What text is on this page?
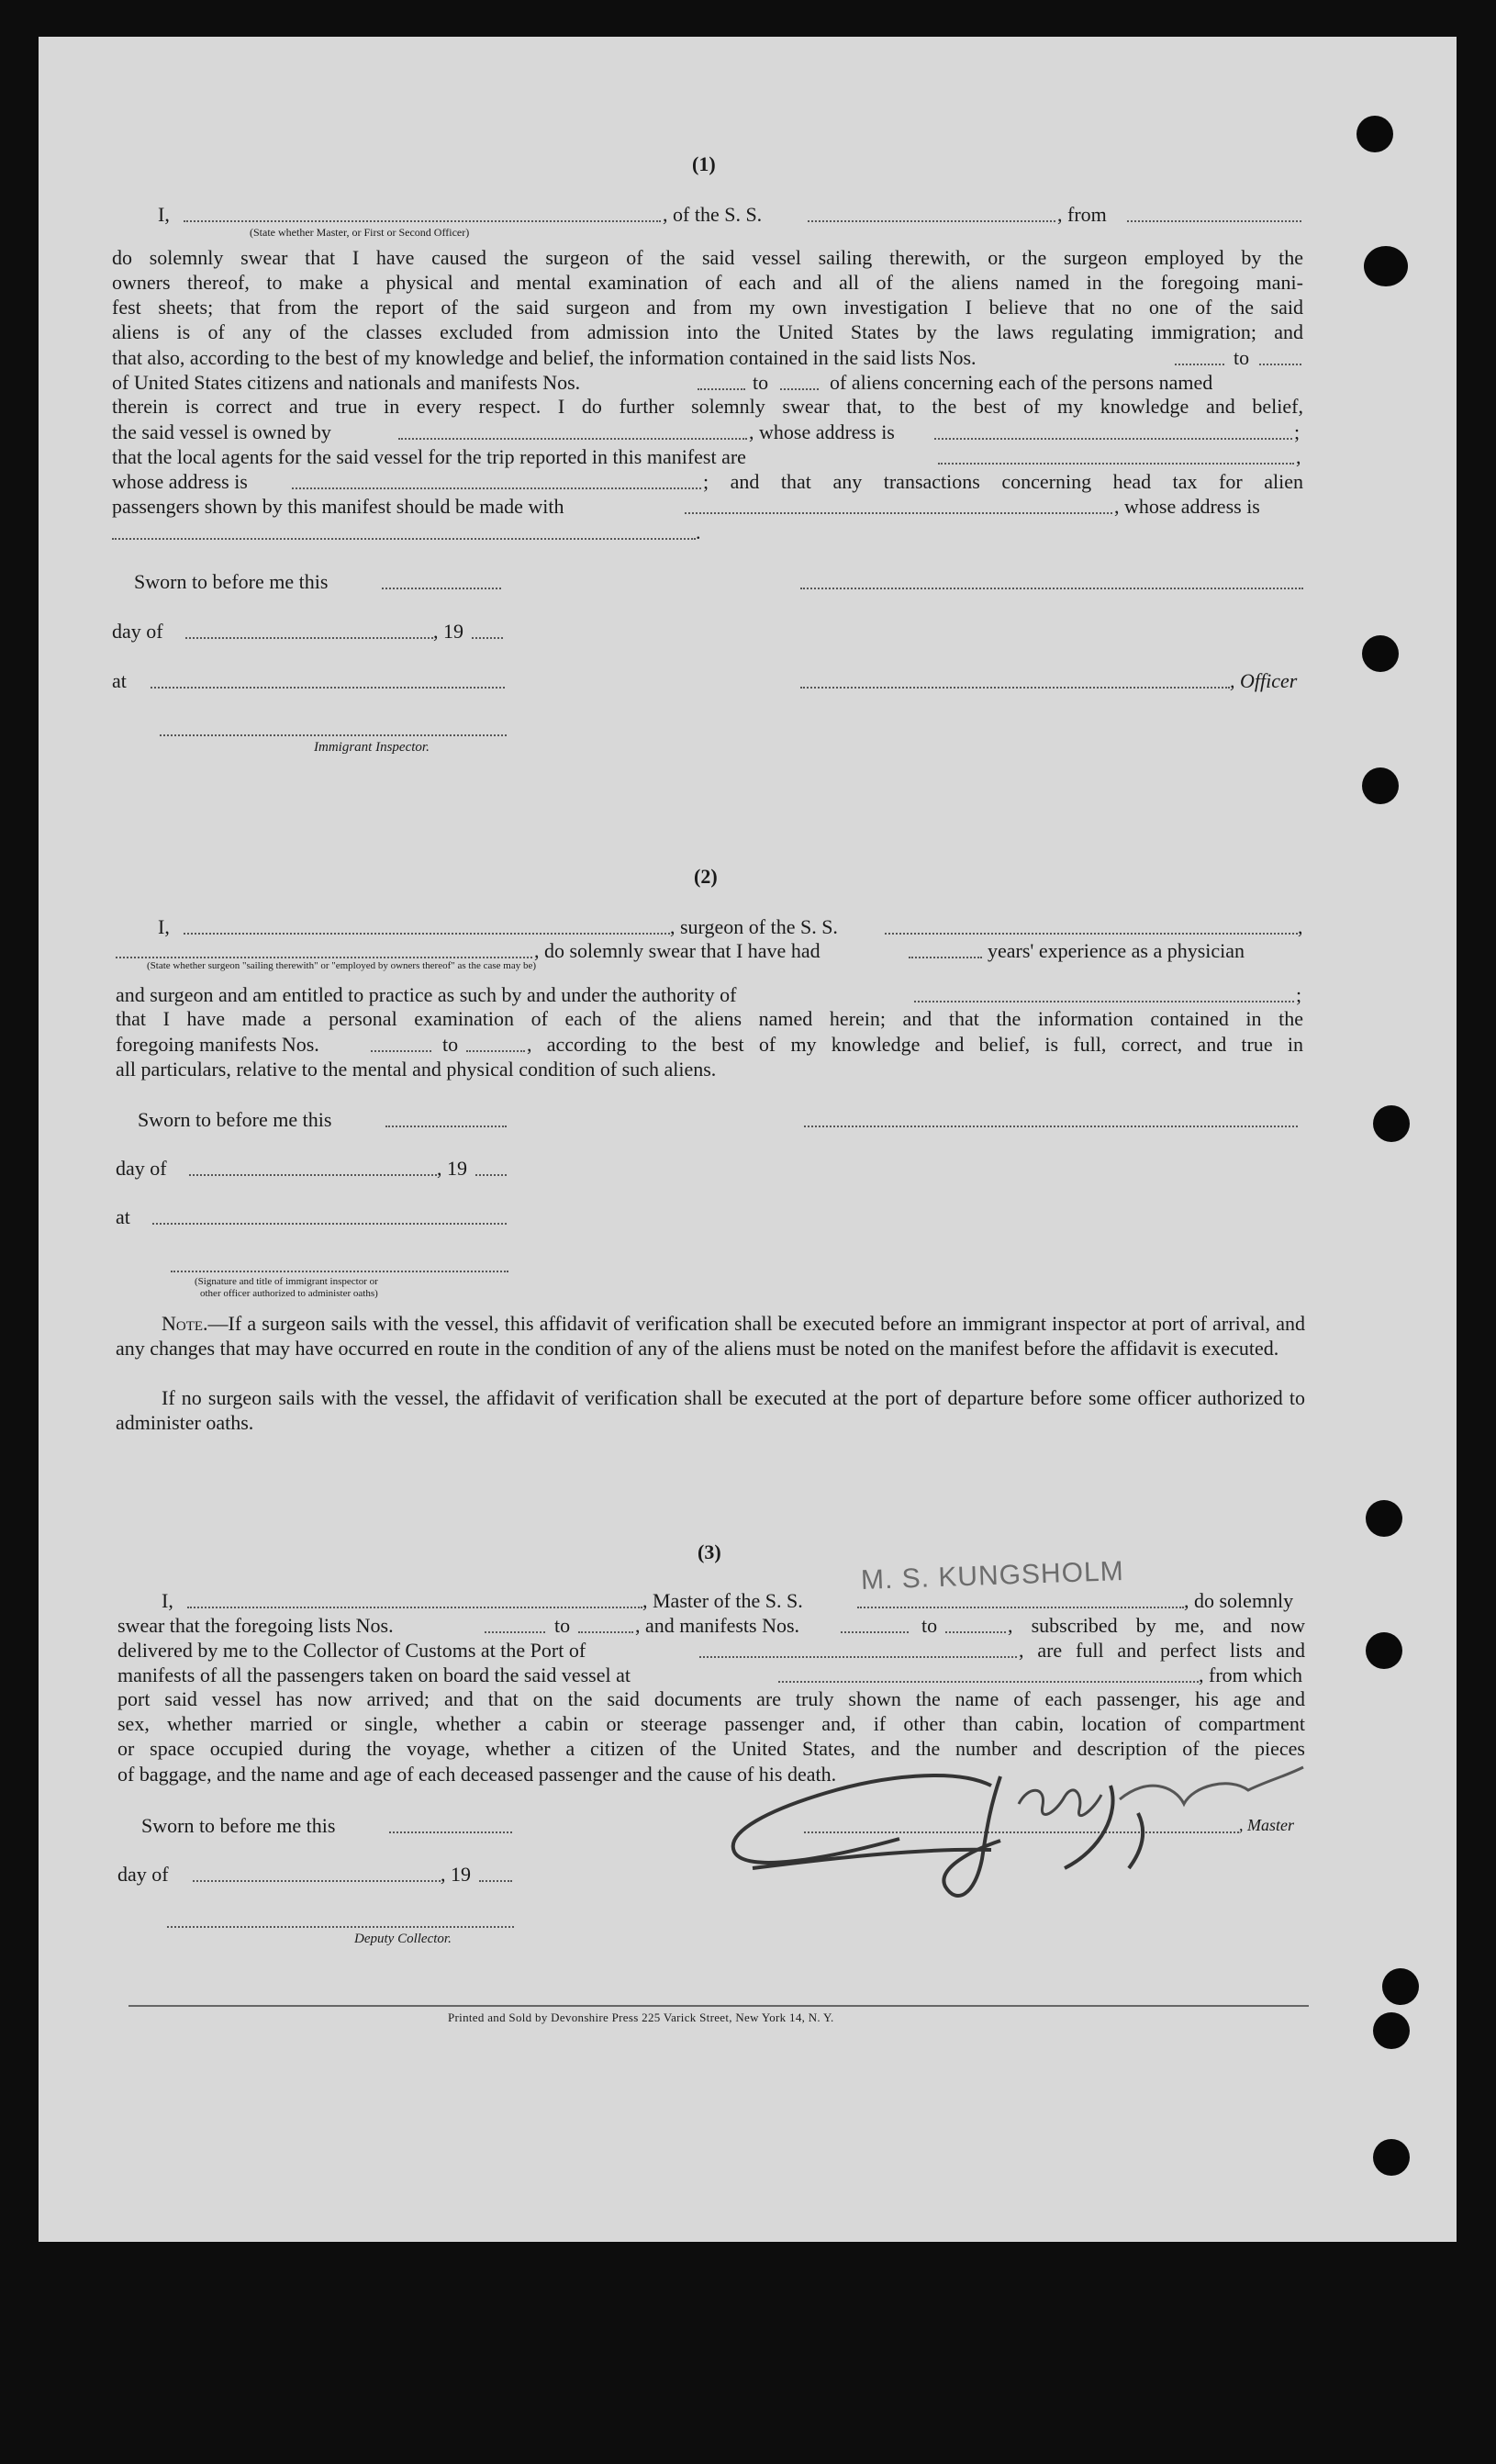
(1)
I,	, of the S. S.	, from
(State whether Master, or First or Second Officer)
do solemnly swear that I have caused the surgeon of the said vessel sailing therewith, or the surgeon employed by the
owners thereof, to make a physical and mental examination of each and all of the aliens named in the foregoing mani-
fest sheets; that from the report of the said surgeon and from my own investigation I believe that no one of the said
aliens is of any of the classes excluded from admission into the United States by the laws regulating immigration; and
that also, according to the best of my knowledge and belief, the information contained in the said lists Nos.	to
of United States citizens and nationals and manifests Nos.	to	of aliens concerning each of the persons named
therein is correct and true in every respect. I do further solemnly swear that, to the best of my knowledge and belief,
the said vessel is owned by	, whose address is	;
that the local agents for the said vessel for the trip reported in this manifest are	,
whose address is	; and that any transactions concerning head tax for alien
passengers shown by this manifest should be made with	, whose address is
.
Sworn to before me this
day of	, 19
at	, Officer
Immigrant Inspector.
(2)
I,	, surgeon of the S. S.	,
, do solemnly swear that I have had	years' experience as a physician
(State whether surgeon "sailing therewith" or "employed by owners thereof" as the case may be)
and surgeon and am entitled to practice as such by and under the authority of	;
that I have made a personal examination of each of the aliens named herein; and that the information contained in the
foregoing manifests Nos.	to	, according to the best of my knowledge and belief, is full, correct, and true in
all particulars, relative to the mental and physical condition of such aliens.
Sworn to before me this
day of	, 19
at
(Signature and title of immigrant inspector or
other officer authorized to administer oaths)
Note.—If a surgeon sails with the vessel, this affidavit of verification shall be executed before an immigrant inspector at port of arrival, and any changes that may have occurred en route in the condition of any of the aliens must be noted on the manifest before the affidavit is executed.
If no surgeon sails with the vessel, the affidavit of verification shall be executed at the port of departure before some officer authorized to administer oaths.
(3)
I,	, Master of the S. S.
M. S. KUNGSHOLM
, do solemnly
swear that the foregoing lists Nos.	to	, and manifests Nos.	to	, subscribed by me, and now
delivered by me to the Collector of Customs at the Port of	, are full and perfect lists and
manifests of all the passengers taken on board the said vessel at	, from which
port said vessel has now arrived; and that on the said documents are truly shown the name of each passenger, his age and
sex, whether married or single, whether a cabin or steerage passenger and, if other than cabin, location of compartment
or space occupied during the voyage, whether a citizen of the United States, and the number and description of the pieces
of baggage, and the name and age of each deceased passenger and the cause of his death.
Sworn to before me this	, Master
day of	, 19
Deputy Collector.
Printed and Sold by Devonshire Press 225 Varick Street, New York 14, N. Y.
